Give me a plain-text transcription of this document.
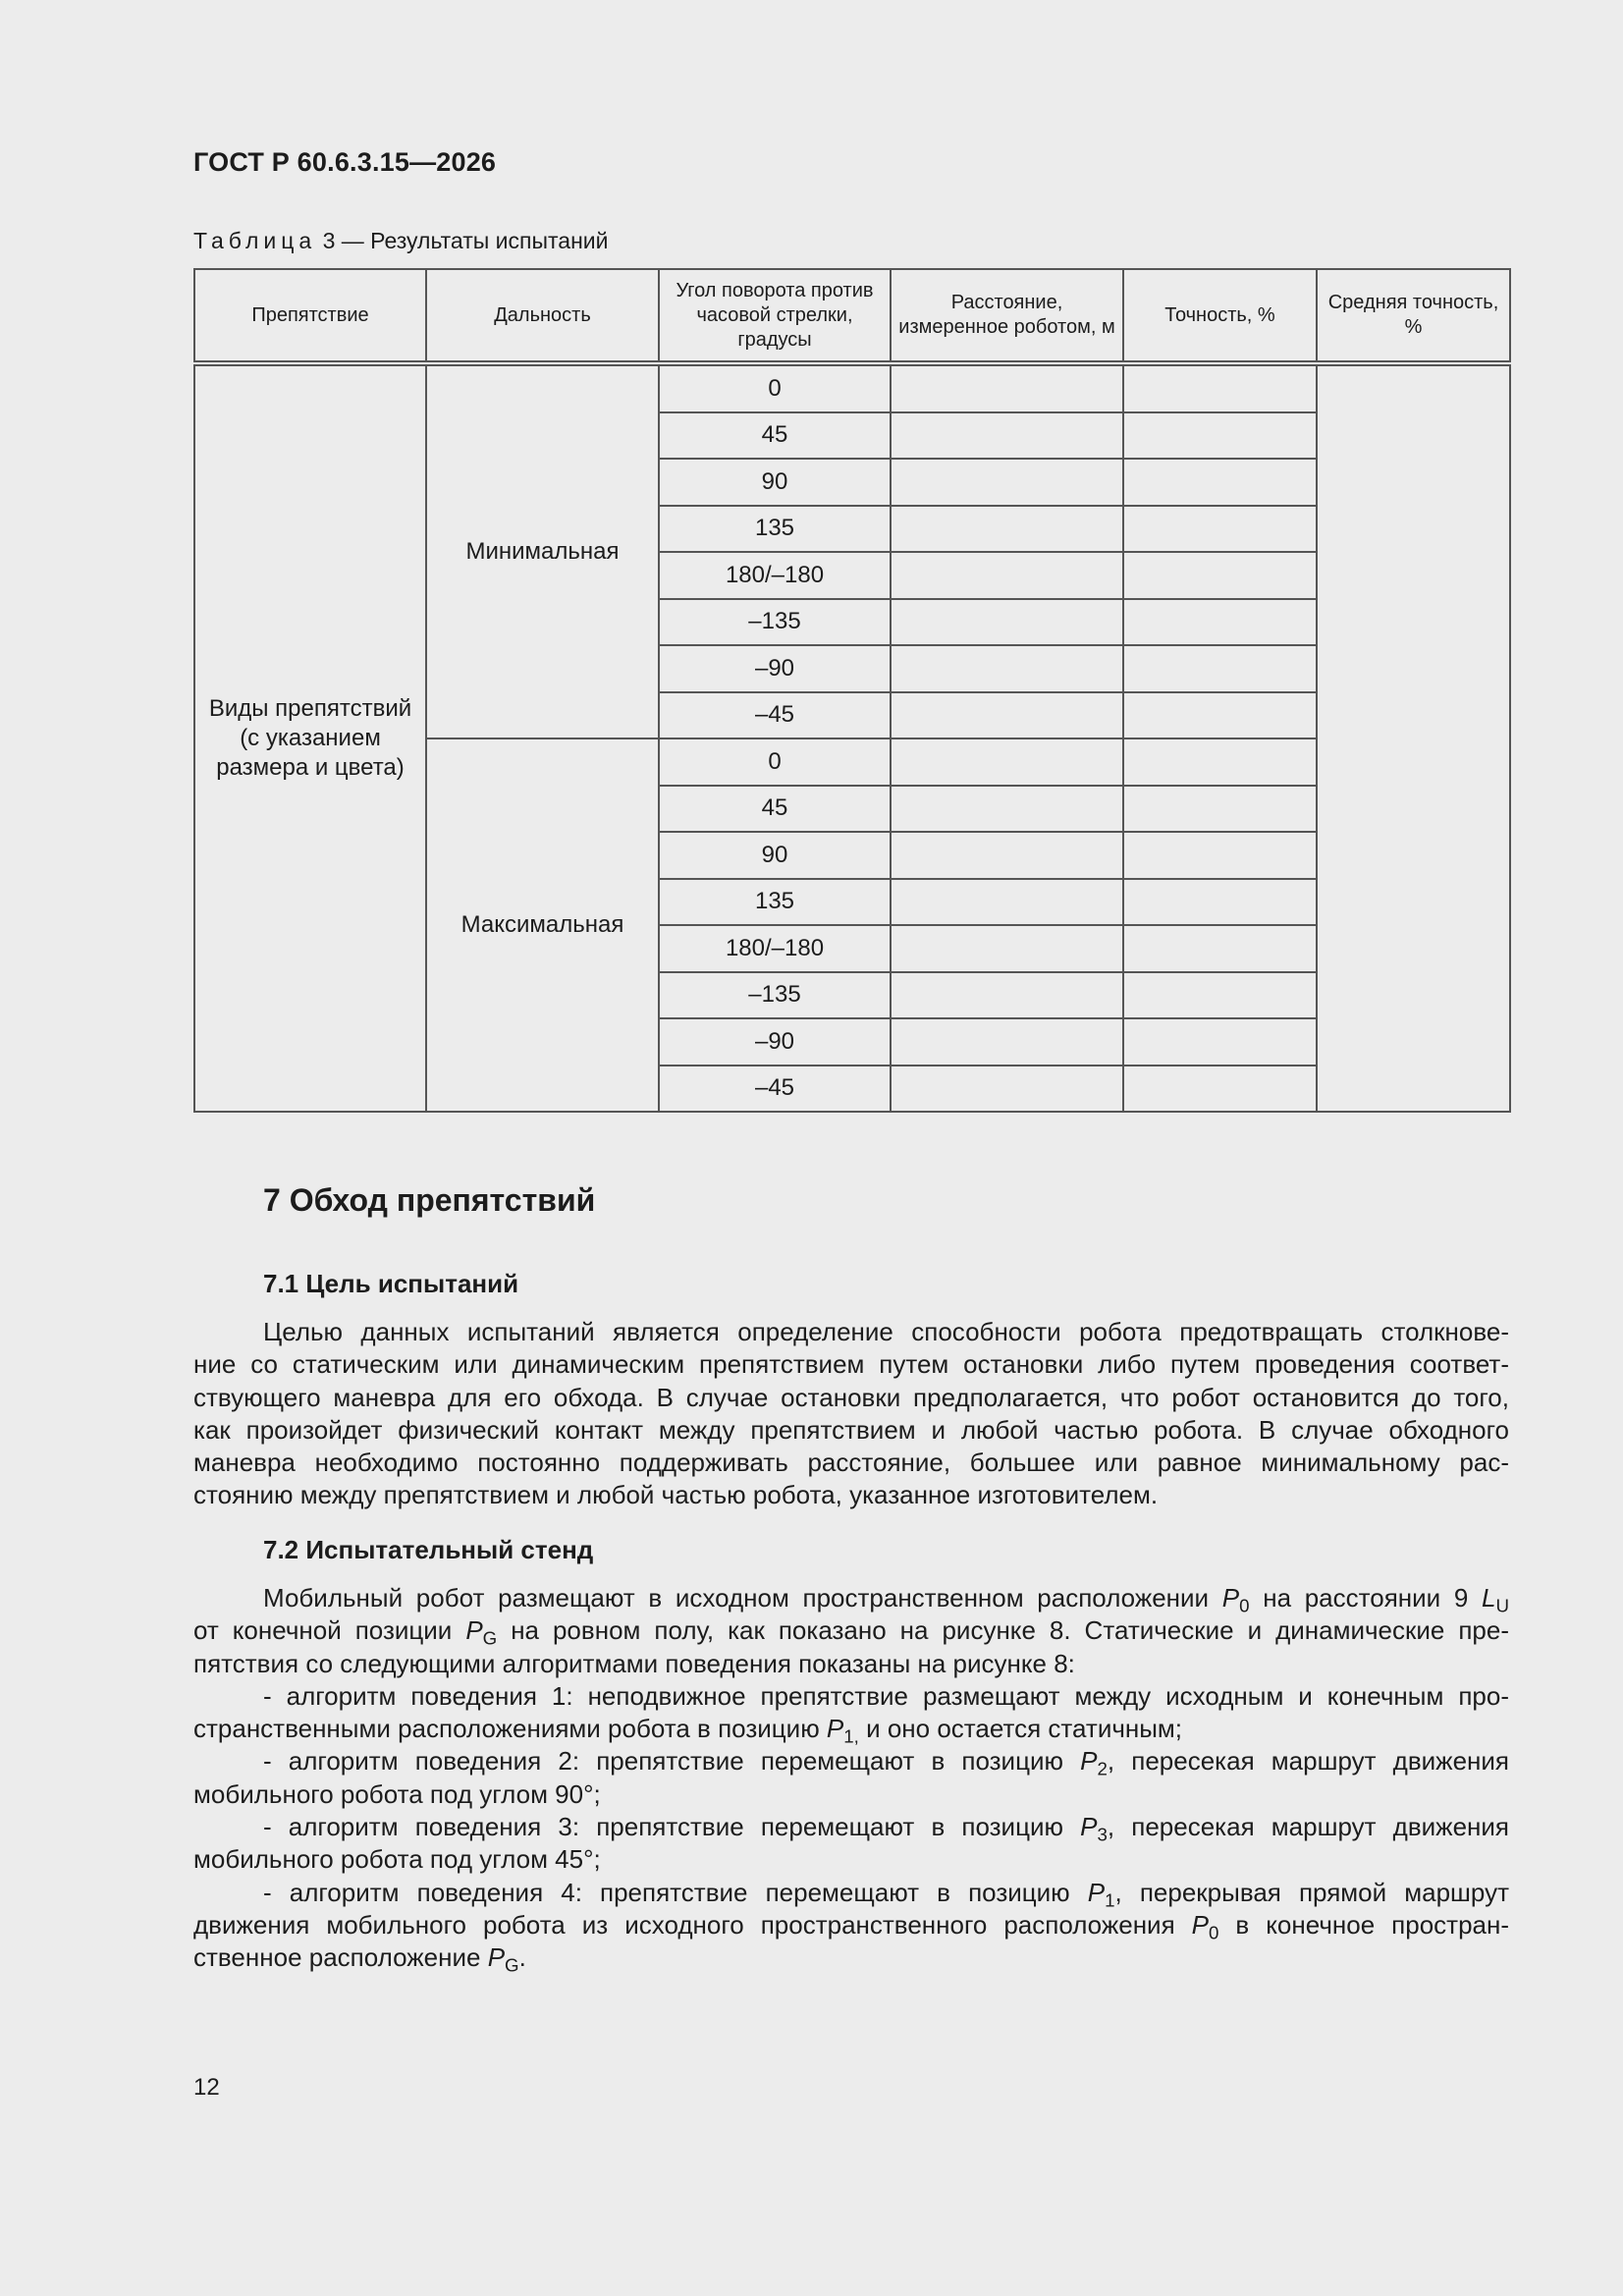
ГОСТ Р 60.6.3.15—2026
Таблица 3 — Результаты испытаний
Препятствие	Дальность	Угол поворота против часовой стрелки, градусы	Расстояние, измеренное роботом, м	Точность, %	Средняя точность, %
Виды препятствий (с указанием размера и цвета)	Минимальная	0			
		45			
		90			
		135			
		180/–180			
		–135			
		–90			
		–45			
	Максимальная	0			
		45			
		90			
		135			
		180/–180			
		–135			
		–90			
		–45			
7 Обход препятствий
7.1 Цель испытаний
Целью данных испытаний является определение способности робота предотвращать столкнове-
ние со статическим или динамическим препятствием путем остановки либо путем проведения соответ-
ствующего маневра для его обхода. В случае остановки предполагается, что робот остановится до того,
как произойдет физический контакт между препятствием и любой частью робота. В случае обходного
маневра необходимо постоянно поддерживать расстояние, большее или равное минимальному рас-
стоянию между препятствием и любой частью робота, указанное изготовителем.
7.2 Испытательный стенд
Мобильный робот размещают в исходном пространственном расположении $P_0$ на расстоянии 9 $L_U$
от конечной позиции $P_G$ на ровном полу, как показано на рисунке 8. Статические и динамические пре-
пятствия со следующими алгоритмами поведения показаны на рисунке 8:
- алгоритм поведения 1: неподвижное препятствие размещают между исходным и конечным про-
странственными расположениями робота в позицию $P_{1,}$ и оно остается статичным;
- алгоритм поведения 2: препятствие перемещают в позицию $P_2$, пересекая маршрут движения
мобильного робота под углом 90°;
- алгоритм поведения 3: препятствие перемещают в позицию $P_3$, пересекая маршрут движения
мобильного робота под углом 45°;
- алгоритм поведения 4: препятствие перемещают в позицию $P_1$, перекрывая прямой маршрут
движения мобильного робота из исходного пространственного расположения $P_0$ в конечное простран-
ственное расположение $P_G$.
12
